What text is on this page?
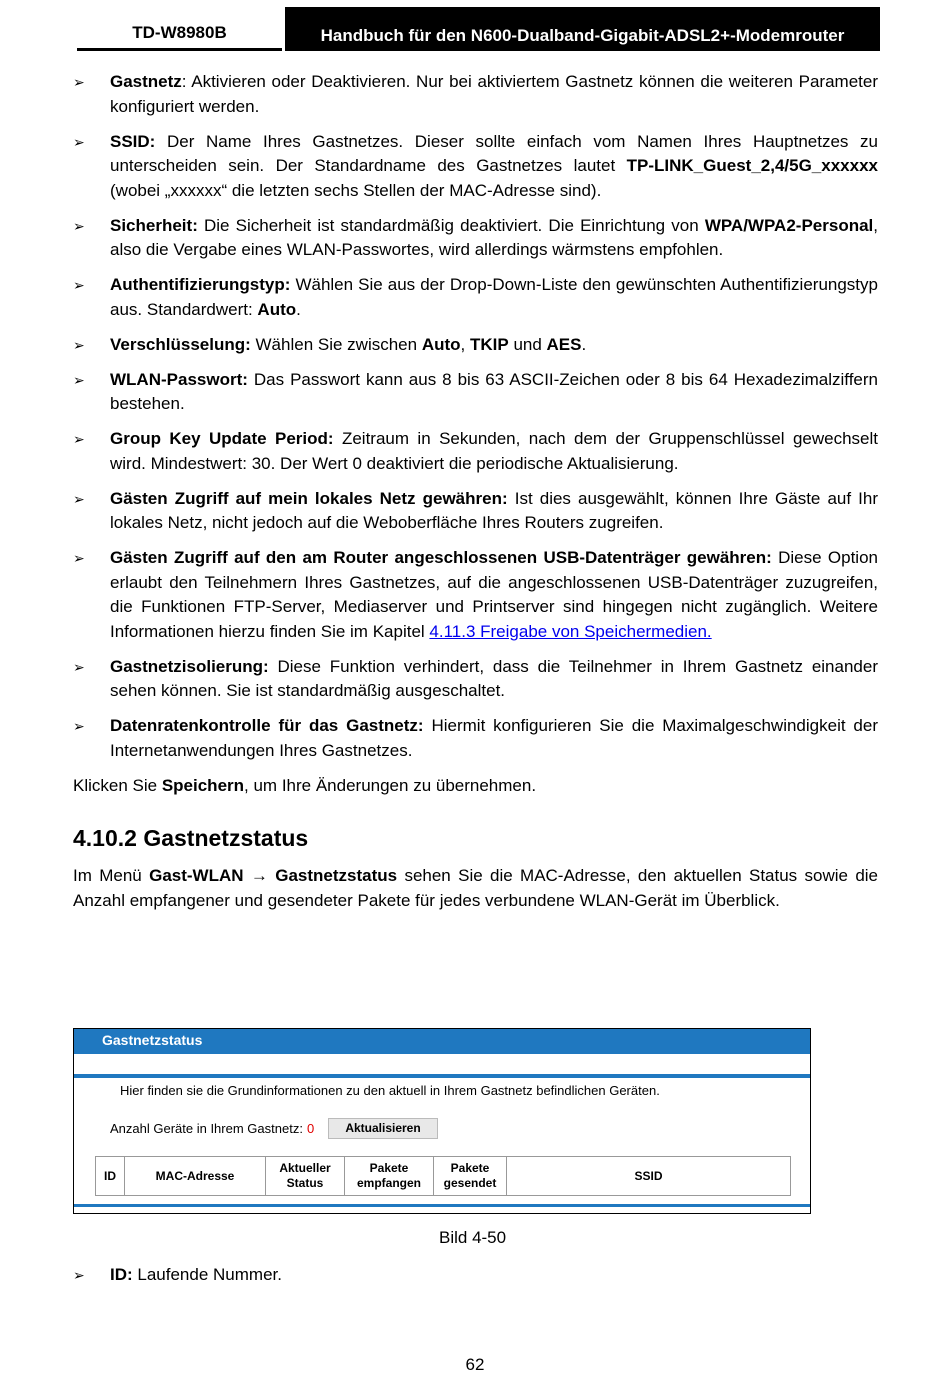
TD-W8980B	Handbuch für den N600-Dualband-Gigabit-ADSL2+-Modemrouter
➢ Gastnetz: Aktivieren oder Deaktivieren. Nur bei aktiviertem Gastnetz können die weiteren Parameter konfiguriert werden.
➢ SSID: Der Name Ihres Gastnetzes. Dieser sollte einfach vom Namen Ihres Hauptnetzes zu unterscheiden sein. Der Standardname des Gastnetzes lautet TP-LINK_Guest_2,4/5G_xxxxxx (wobei „xxxxxx“ die letzten sechs Stellen der MAC-Adresse sind).
➢ Sicherheit: Die Sicherheit ist standardmäßig deaktiviert. Die Einrichtung von WPA/WPA2-Personal, also die Vergabe eines WLAN-Passwortes, wird allerdings wärmstens empfohlen.
➢ Authentifizierungstyp: Wählen Sie aus der Drop-Down-Liste den gewünschten Authentifizierungstyp aus. Standardwert: Auto.
➢ Verschlüsselung: Wählen Sie zwischen Auto, TKIP und AES.
➢ WLAN-Passwort: Das Passwort kann aus 8 bis 63 ASCII-Zeichen oder 8 bis 64 Hexadezimalziffern bestehen.
➢ Group Key Update Period: Zeitraum in Sekunden, nach dem der Gruppenschlüssel gewechselt wird. Mindestwert: 30. Der Wert 0 deaktiviert die periodische Aktualisierung.
➢ Gästen Zugriff auf mein lokales Netz gewähren: Ist dies ausgewählt, können Ihre Gäste auf Ihr lokales Netz, nicht jedoch auf die Weboberfläche Ihres Routers zugreifen.
➢ Gästen Zugriff auf den am Router angeschlossenen USB-Datenträger gewähren: Diese Option erlaubt den Teilnehmern Ihres Gastnetzes, auf die angeschlossenen USB-Datenträger zuzugreifen, die Funktionen FTP-Server, Mediaserver und Printserver sind hingegen nicht zugänglich. Weitere Informationen hierzu finden Sie im Kapitel 4.11.3 Freigabe von Speichermedien.
➢ Gastnetzisolierung: Diese Funktion verhindert, dass die Teilnehmer in Ihrem Gastnetz einander sehen können. Sie ist standardmäßig ausgeschaltet.
➢ Datenratenkontrolle für das Gastnetz: Hiermit konfigurieren Sie die Maximalgeschwindigkeit der Internetanwendungen Ihres Gastnetzes.
Klicken Sie Speichern, um Ihre Änderungen zu übernehmen.
4.10.2 Gastnetzstatus
Im Menü Gast-WLAN → Gastnetzstatus sehen Sie die MAC-Adresse, den aktuellen Status sowie die Anzahl empfangener und gesendeter Pakete für jedes verbundene WLAN-Gerät im Überblick.
Gastnetzstatus
Hier finden sie die Grundinformationen zu den aktuell in Ihrem Gastnetz befindlichen Geräten.
Anzahl Geräte in Ihrem Gastnetz: 0	Aktualisieren
ID	MAC-Adresse	Aktueller Status	Pakete empfangen	Pakete gesendet	SSID
Bild 4-50
➢ ID: Laufende Nummer.
62
